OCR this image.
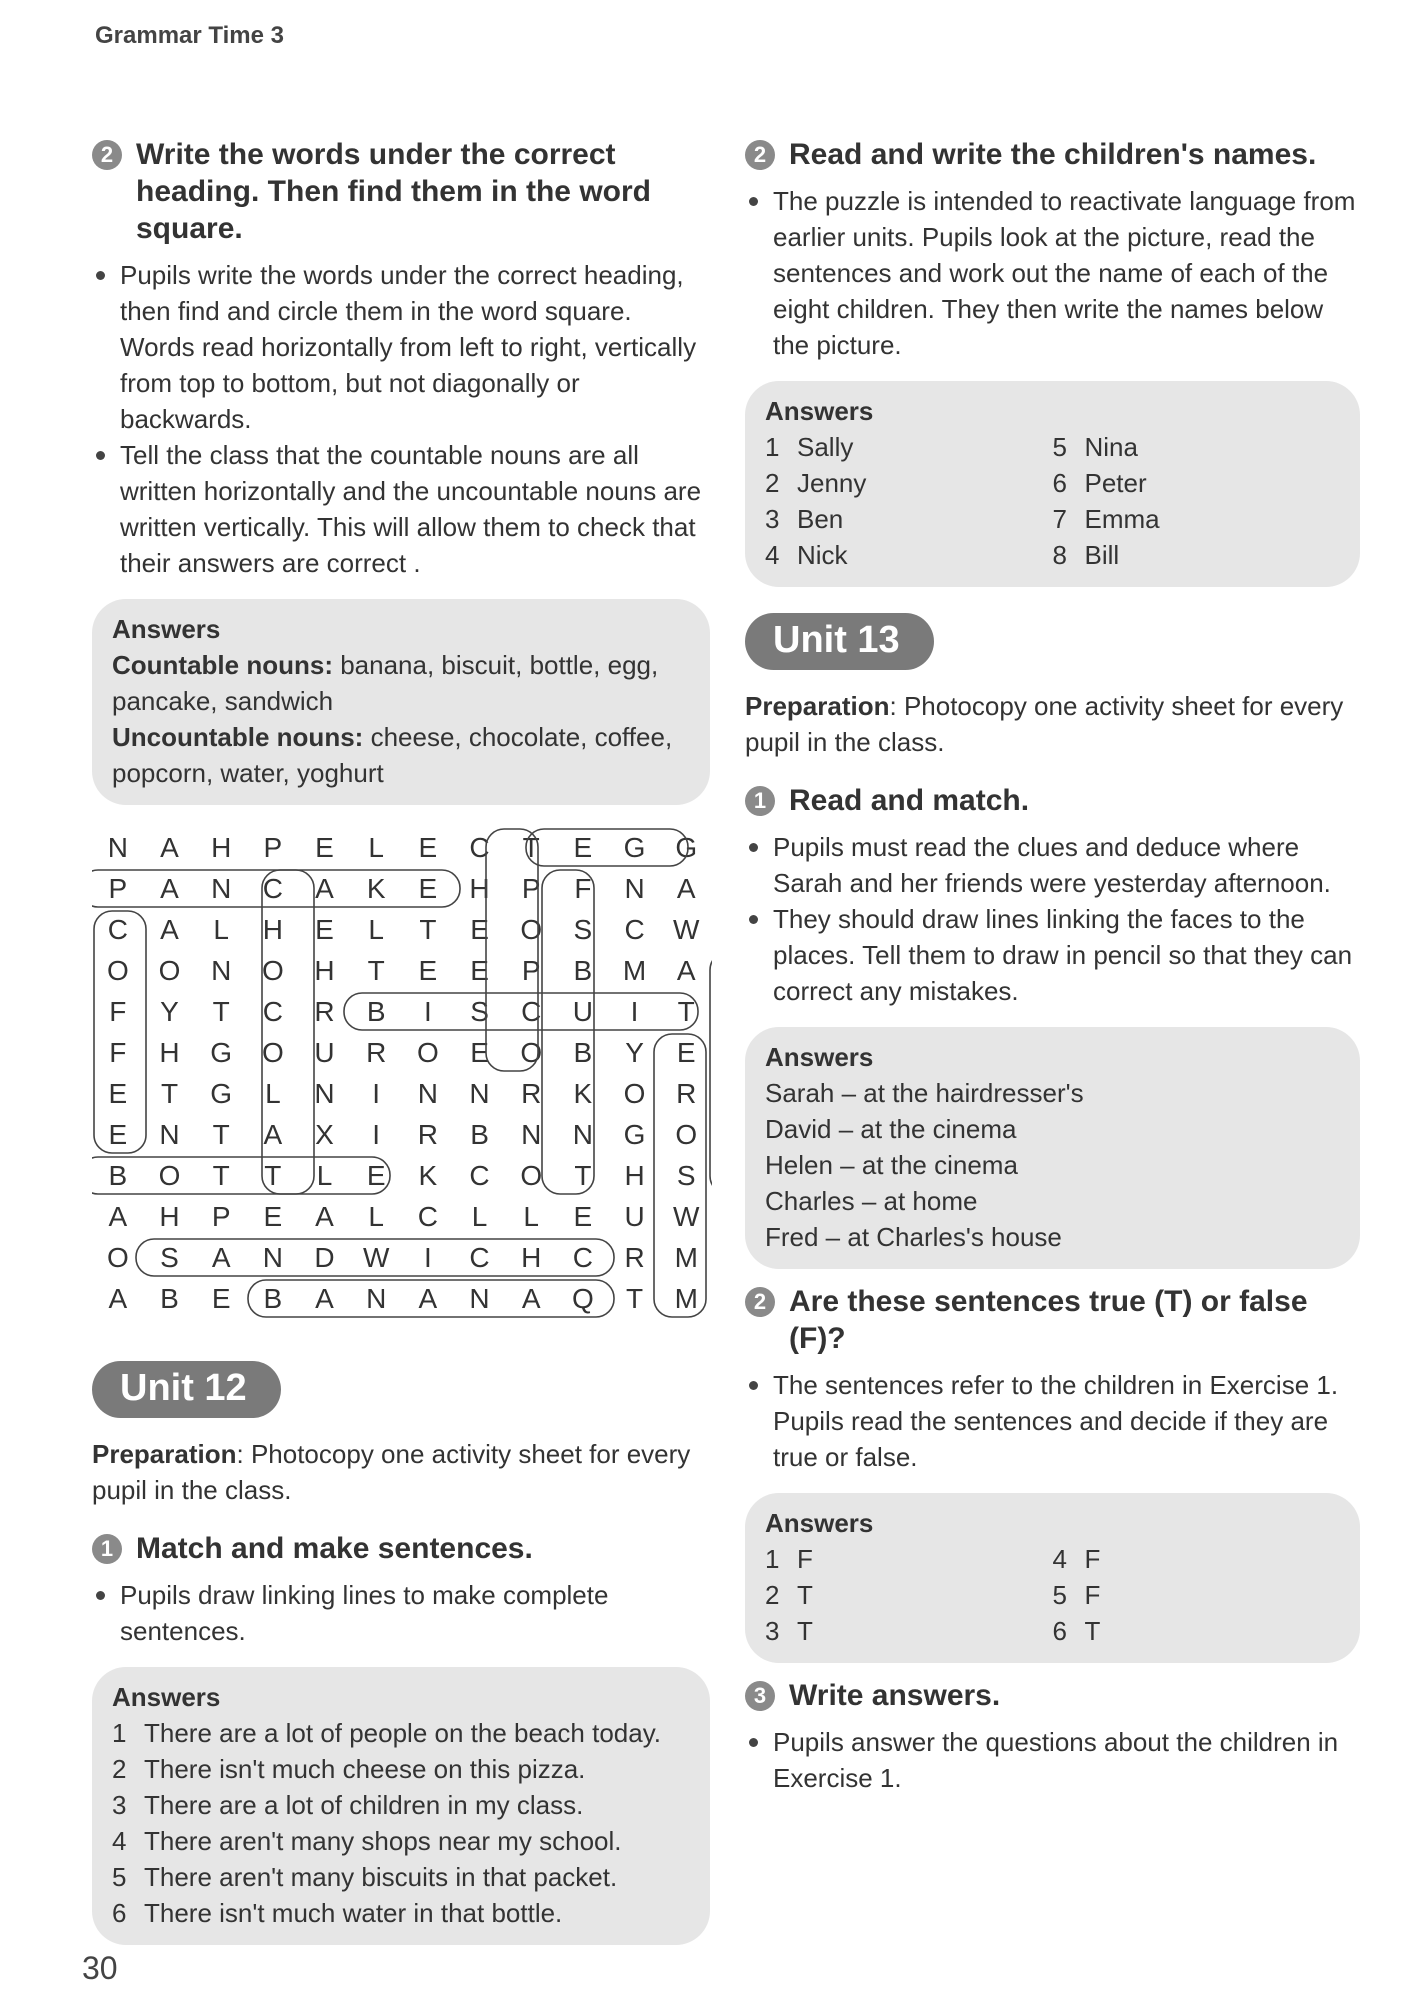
Grammar Time 3
2 Write the words under the correct heading. Then find them in the word square.
Pupils write the words under the correct heading, then find and circle them in the word square. Words read horizontally from left to right, vertically from top to bottom, but not diagonally or backwards.
Tell the class that the countable nouns are all written horizontally and the uncountable nouns are written vertically. This will allow them to check that their answers are correct .
Answers
Countable nouns: banana, biscuit, bottle, egg, pancake, sandwich
Uncountable nouns: cheese, chocolate, coffee, popcorn, water, yoghurt
N	A	H	P	E	L	E	C	T	E	G	G
P	A	N	C	A	K	E	H	P	F	N	A
C	A	L	H	E	L	T	E	O	S	C	W
O	O	N	O	H	T	E	E	P	B	M	A
F	Y	T	C	R	B	I	S	C	U	I	T
F	H	G	O	U	R	O	E	O	B	Y	E
E	T	G	L	N	I	N	N	R	K	O	R
E	N	T	A	X	I	R	B	N	N	G	O
B	O	T	T	L	E	K	C	O	T	H	S
A	H	P	E	A	L	C	L	L	E	U	W
O	S	A	N	D	W	I	C	H	C	R	M
A	B	E	B	A	N	A	N	A	Q	T	M
Unit 12
Preparation: Photocopy one activity sheet for every pupil in the class.
1 Match and make sentences.
Pupils draw linking lines to make complete sentences.
Answers
1 There are a lot of people on the beach today.
2 There isn't much cheese on this pizza.
3 There are a lot of children in my class.
4 There aren't many shops near my school.
5 There aren't many biscuits in that packet.
6 There isn't much water in that bottle.
2 Read and write the children's names.
The puzzle is intended to reactivate language from earlier units. Pupils look at the picture, read the sentences and work out the name of each of the eight children. They then write the names below the picture.
Answers
1 Sally	5 Nina
2 Jenny	6 Peter
3 Ben	7 Emma
4 Nick	8 Bill
Unit 13
Preparation: Photocopy one activity sheet for every pupil in the class.
1 Read and match.
Pupils must read the clues and deduce where Sarah and her friends were yesterday afternoon.
They should draw lines linking the faces to the places. Tell them to draw in pencil so that they can correct any mistakes.
Answers
Sarah – at the hairdresser's
David – at the cinema
Helen – at the cinema
Charles – at home
Fred – at Charles's house
2 Are these sentences true (T) or false (F)?
The sentences refer to the children in Exercise 1. Pupils read the sentences and decide if they are true or false.
Answers
1 F	4 F
2 T	5 F
3 T	6 T
3 Write answers.
Pupils answer the questions about the children in Exercise 1.
30
